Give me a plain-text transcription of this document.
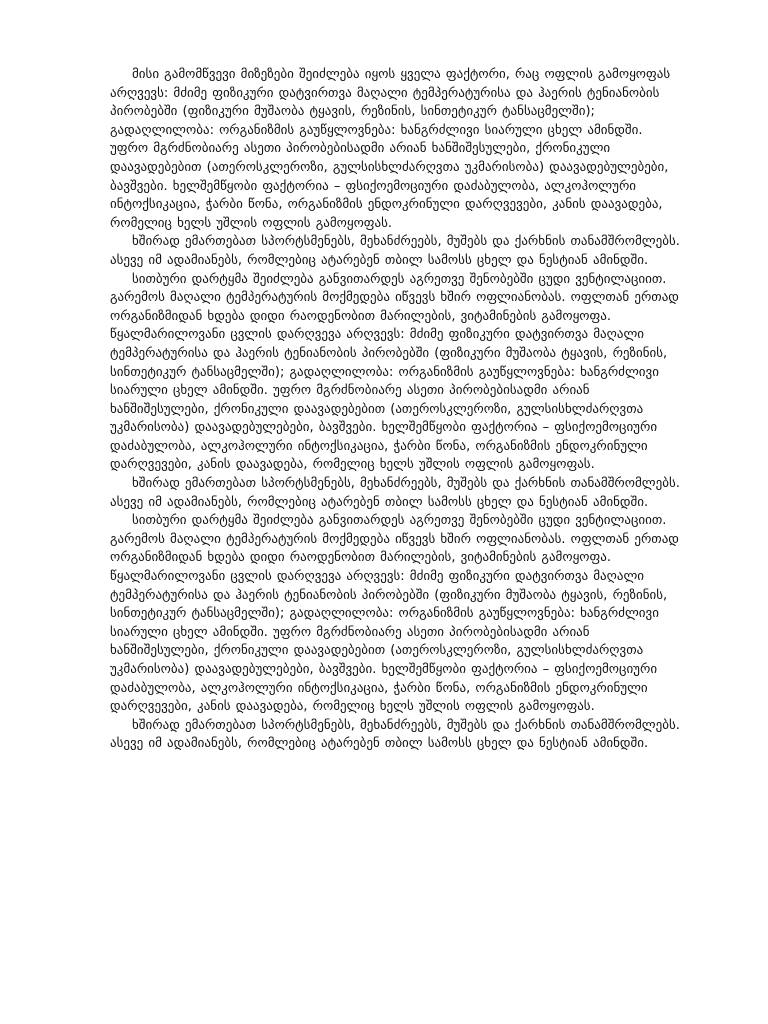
მისი გამომწვევი მიზეზები შეიძლება იყოს ყველა ფაქტორი, რაც ოფლის გამოყოფას არღვევს: მძიმე ფიზიკური დატვირთვა მაღალი ტემპერატურისა და ჰაერის ტენიანობის პირობებში (ფიზიკური მუშაობა ტყავის, რეზინის, სინთეტიკურ ტანსაცმელში); გადაღლილობა: ორგანიზმის გაუწყლოვნება: ხანგრძლივი სიარული ცხელ ამინდში. უფრო მგრძნობიარე ასეთი პირობებისადმი არიან ხანშიშესულები, ქრონიკული დაავადებებით (ათეროსკლეროზი, გულსისხლძარღვთა უკმარისობა) დაავადებულებები, ბავშვები. ხელშემწყობი ფაქტორია – ფსიქოემოციური დაძაბულობა, ალკოჰოლური ინტოქსიკაცია, ჭარბი წონა, ორგანიზმის ენდოკრინული დარღვევები, კანის დაავადება, რომელიც ხელს უშლის ოფლის გამოყოფას.

ხშირად ემართებათ სპორტსმენებს, მეხანძრეებს, მუშებს და ქარხნის თანამშრომლებს. ასევე იმ ადამიანებს, რომლებიც ატარებენ თბილ სამოსს ცხელ და ნესტიან ამინდში.

სითბური დარტყმა შეიძლება განვითარდეს აგრეთვე შენობებში ცუდი ვენტილაციით. გარემოს მაღალი ტემპერატურის მოქმედება იწვევს ხშირ ოფლიანობას. ოფლთან ერთად ორგანიზმიდან ხდება დიდი რაოდენობით მარილების, ვიტამინების გამოყოფა. წყალმარილოვანი ცვლის დარღვევა არღვევს: მძიმე ფიზიკური დატვირთვა მაღალი ტემპერატურისა და ჰაერის ტენიანობის პირობებში (ფიზიკური მუშაობა ტყავის, რეზინის, სინთეტიკურ ტანსაცმელში); გადაღლილობა: ორგანიზმის გაუწყლოვნება: ხანგრძლივი სიარული ცხელ ამინდში. უფრო მგრძნობიარე ასეთი პირობებისადმი არიან ხანშიშესულები, ქრონიკული დაავადებებით (ათეროსკლეროზი, გულსისხლძარღვთა უკმარისობა) დაავადებულებები, ბავშვები. ხელშემწყობი ფაქტორია – ფსიქოემოციური დაძაბულობა, ალკოჰოლური ინტოქსიკაცია, ჭარბი წონა, ორგანიზმის ენდოკრინული დარღვევები, კანის დაავადება, რომელიც ხელს უშლის ოფლის გამოყოფას.

ხშირად ემართებათ სპორტსმენებს, მეხანძრეებს, მუშებს და ქარხნის თანამშრომლებს. ასევე იმ ადამიანებს, რომლებიც ატარებენ თბილ სამოსს ცხელ და ნესტიან ამინდში.

სითბური დარტყმა შეიძლება განვითარდეს აგრეთვე შენობებში ცუდი ვენტილაციით. გარემოს მაღალი ტემპერატურის მოქმედება იწვევს ხშირ ოფლიანობას. ოფლთან ერთად ორგანიზმიდან ხდება დიდი რაოდენობით მარილების, ვიტამინების გამოყოფა. წყალმარილოვანი ცვლის დარღვევა არღვევს: მძიმე ფიზიკური დატვირთვა მაღალი ტემპერატურისა და ჰაერის ტენიანობის პირობებში (ფიზიკური მუშაობა ტყავის, რეზინის, სინთეტიკურ ტანსაცმელში); გადაღლილობა: ორგანიზმის გაუწყლოვნება: ხანგრძლივი სიარული ცხელ ამინდში. უფრო მგრძნობიარე ასეთი პირობებისადმი არიან ხანშიშესულები, ქრონიკული დაავადებებით (ათეროსკლეროზი, გულსისხლძარღვთა უკმარისობა) დაავადებულებები, ბავშვები. ხელშემწყობი ფაქტორია – ფსიქოემოციური დაძაბულობა, ალკოჰოლური ინტოქსიკაცია, ჭარბი წონა, ორგანიზმის ენდოკრინული დარღვევები, კანის დაავადება, რომელიც ხელს უშლის ოფლის გამოყოფას.

ხშირად ემართებათ სპორტსმენებს, მეხანძრეებს, მუშებს და ქარხნის თანამშრომლებს. ასევე იმ ადამიანებს, რომლებიც ატარებენ თბილ სამოსს ცხელ და ნესტიან ამინდში.
